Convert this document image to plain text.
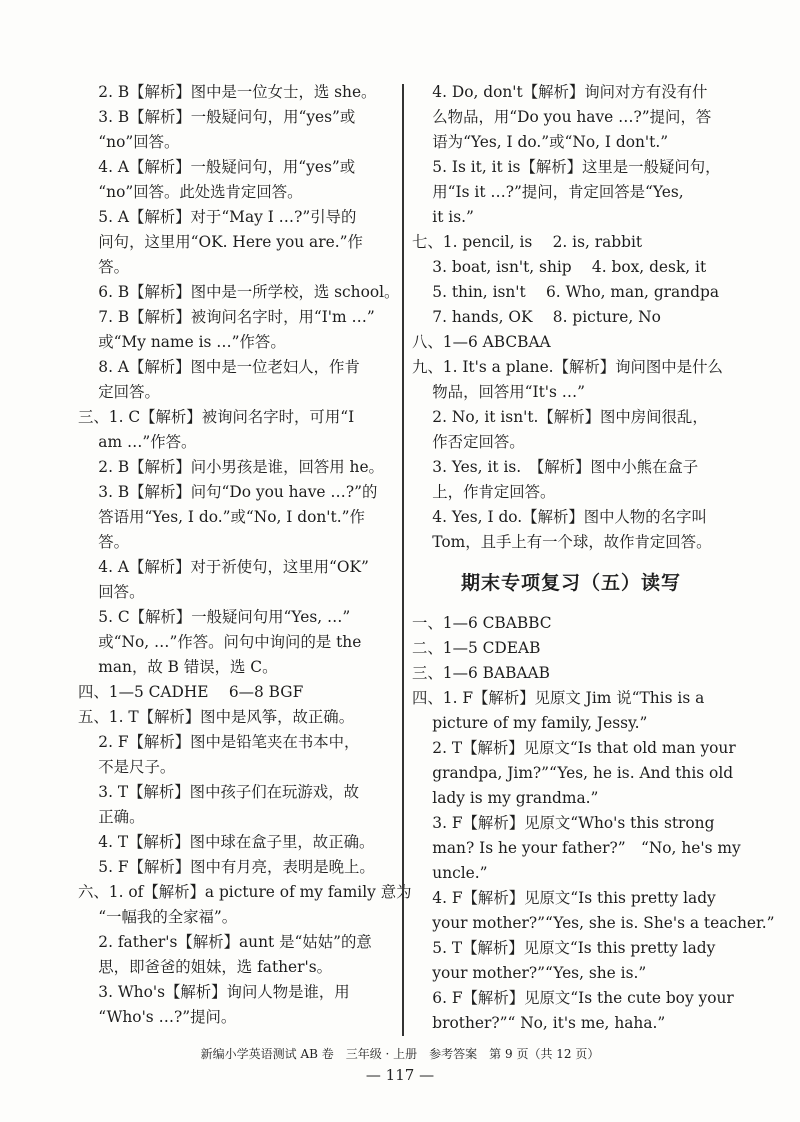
　 2. B【解析】图中是一位女士，选 she。
　 3. B【解析】一般疑问句，用“yes”或
　 “no”回答。
　 4. A【解析】一般疑问句，用“yes”或
　 “no”回答。此处选肯定回答。
　 5. A【解析】对于“May I …?”引导的
　 问句，这里用“OK. Here you are.”作
　 答。
　 6. B【解析】图中是一所学校，选 school。
　 7. B【解析】被询问名字时，用“I'm …”
　 或“My name is …”作答。
　 8. A【解析】图中是一位老妇人，作肯
　 定回答。
三、1. C【解析】被询问名字时，可用“I
　 am …”作答。
　 2. B【解析】问小男孩是谁，回答用 he。
　 3. B【解析】问句“Do you have …?”的
　 答语用“Yes, I do.”或“No, I don't.”作
　 答。
　 4. A【解析】对于祈使句，这里用“OK”
　 回答。
　 5. C【解析】一般疑问句用“Yes, …”
　 或“No, …”作答。问句中询问的是 the
　 man，故 B 错误，选 C。
四、1—5 CADHE　 6—8 BGF
五、1. T【解析】图中是风筝，故正确。
　 2. F【解析】图中是铅笔夹在书本中，
　 不是尺子。
　 3. T【解析】图中孩子们在玩游戏，故
　 正确。
　 4. T【解析】图中球在盒子里，故正确。
　 5. F【解析】图中有月亮，表明是晚上。
六、1. of【解析】a picture of my family 意为
　 “一幅我的全家福”。
　 2. father's【解析】aunt 是“姑姑”的意
　 思，即爸爸的姐妹，选 father's。
　 3. Who's【解析】询问人物是谁，用
　 “Who's …?”提问。
　 4. Do, don't【解析】询问对方有没有什
　 么物品，用“Do you have …?”提问，答
　 语为“Yes, I do.”或“No, I don't.”
　 5. Is it, it is【解析】这里是一般疑问句，
　 用“Is it …?”提问，肯定回答是“Yes,
　 it is.”
七、1. pencil, is　 2. is, rabbit
　 3. boat, isn't, ship　 4. box, desk, it
　 5. thin, isn't　 6. Who, man, grandpa
　 7. hands, OK　 8. picture, No
八、1—6 ABCBAA
九、1. It's a plane.【解析】询问图中是什么
　 物品，回答用“It's …”
　 2. No, it isn't.【解析】图中房间很乱，
　 作否定回答。
　 3. Yes, it is.　【解析】图中小熊在盒子
　 上，作肯定回答。
　 4. Yes, I do.【解析】图中人物的名字叫
　 Tom，且手上有一个球，故作肯定回答。
期末专项复习（五）读写
一、1—6 CBABBC
二、1—5 CDEAB
三、1—6 BABAAB
四、1. F【解析】见原文 Jim 说“This is a
　 picture of my family, Jessy.”
　 2. T【解析】见原文“Is that old man your
　 grandpa, Jim?”“Yes, he is. And this old
　 lady is my grandma.”
　 3. F【解析】见原文“Who's this strong
　 man? Is he your father?”　“No, he's my
　 uncle.”
　 4. F【解析】见原文“Is this pretty lady
　 your mother?”“Yes, she is. She's a teacher.”
　 5. T【解析】见原文“Is this pretty lady
　 your mother?”“Yes, she is.”
　 6. F【解析】见原文“Is the cute boy your
　 brother?”“ No, it's me, haha.”
新编小学英语测试 AB 卷　三年级 · 上册　参考答案　第 9 页（共 12 页）
— 117 —
